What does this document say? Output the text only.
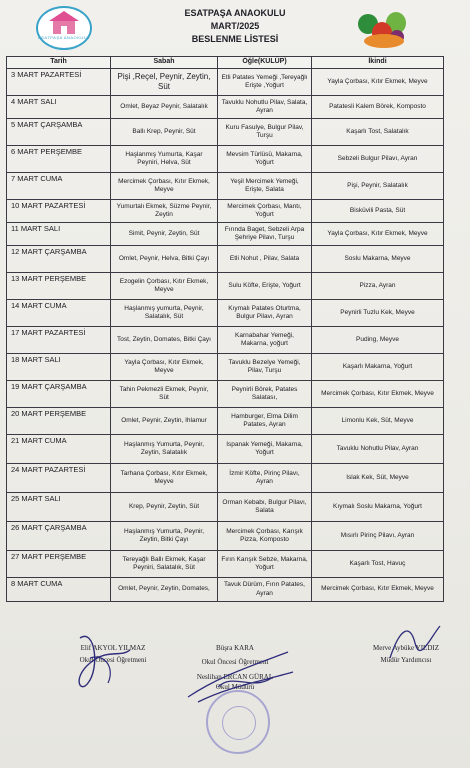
ESATPAŞA ANAOKULU
ESATPAŞA ANAOKULU
MART/2025
BESLENME LİSTESİ
Tarih	Sabah	Öğle(KULÜP)	İkindi
3 MART PAZARTESİ	Pişi ,Reçel, Peynir, Zeytin, Süt	Etli Patates Yemeği ,Tereyağlı Erişte ,Yoğurt	Yayla Çorbası, Kıtır Ekmek, Meyve
4 MART SALI	Omlet, Beyaz Peynir, Salatalık	Tavuklu Nohutlu Pilav, Salata, Ayran	Patatesli Kalem Börek, Komposto
5 MART ÇARŞAMBA	Ballı Krep, Peynir, Süt	Kuru Fasulye, Bulgur Pilav, Turşu	Kaşarlı Tost, Salatalık
6 MART PERŞEMBE	Haşlanmış Yumurta, Kaşar Peyniri, Helva, Süt	Mevsim Türlüsü, Makarna, Yoğurt	Sebzeli Bulgur Pilavı, Ayran
7 MART CUMA	Mercimek Çorbası, Kıtır Ekmek, Meyve	Yeşil Mercimek Yemeği, Erişte, Salata	Pişi, Peynir, Salatalık
10 MART PAZARTESİ	Yumurtalı Ekmek, Süzme Peynir, Zeytin	Mercimek Çorbası, Mantı, Yoğurt	Bisküvili Pasta, Süt
11 MART SALI	Simit, Peynir, Zeytin, Süt	Fırında Baget, Sebzeli Arpa Şehriye Pilavı, Turşu	Yayla Çorbası, Kıtır Ekmek, Meyve
12 MART ÇARŞAMBA	Omlet, Peynir, Helva, Bitki Çayı	Etli Nohut , Pilav, Salata	Soslu Makarna, Meyve
13 MART PERŞEMBE	Ezogelin Çorbası, Kıtır Ekmek, Meyve	Sulu Köfte, Erişte, Yoğurt	Pizza, Ayran
14 MART CUMA	Haşlanmış yumurta, Peynir, Salatalık, Süt	Kıymalı Patates Oturtma, Bulgur Pilavı, Ayran	Peynirli Tuzlu Kek, Meyve
17 MART PAZARTESİ	Tost, Zeytin, Domates, Bitki Çayı	Karnabahar Yemeği, Makarna, yoğurt	Puding, Meyve
18 MART SALI	Yayla Çorbası, Kıtır Ekmek, Meyve	Tavuklu Bezelye Yemeği, Pilav, Turşu	Kaşarlı Makarna, Yoğurt
19 MART ÇARŞAMBA	Tahin Pekmezli Ekmek, Peynir, Süt	Peynirli Börek, Patates Salatası,	Mercimek Çorbası, Kıtır Ekmek, Meyve
20 MART PERŞEMBE	Omlet, Peynir, Zeytin, Ihlamur	Hamburger, Elma Dilim Patates, Ayran	Limonlu Kek, Süt, Meyve
21 MART CUMA	Haşlanmış Yumurta, Peynir, Zeytin, Salatalık	Ispanak Yemeği, Makarna, Yoğurt	Tavuklu Nohutlu Pilav, Ayran
24 MART PAZARTESİ	Tarhana Çorbası, Kıtır Ekmek, Meyve	İzmir Köfte, Pirinç Pilavı, Ayran	Islak Kek, Süt, Meyve
25 MART SALI	Krep, Peynir, Zeytin, Süt	Orman Kebabı, Bulgur Pilavı, Salata	Kıymalı Soslu Makarna, Yoğurt
26 MART ÇARŞAMBA	Haşlanmış Yumurta, Peynir, Zeytin, Bitki Çayı	Mercimek Çorbası, Karışık Pizza, Komposto	Mısırlı Pirinç Pilavı, Ayran
27 MART PERŞEMBE	Tereyağlı Ballı Ekmek, Kaşar Peyniri, Salatalık, Süt	Fırın Karışık Sebze, Makarna, Yoğurt	Kaşarlı Tost, Havuç
8 MART CUMA	Omlet, Peynir, Zeytin, Domates,	Tavuk Dürüm, Fırın Patates, Ayran	Mercimek Çorbası, Kıtır Ekmek, Meyve
Elif AKYOL YILMAZ
Okul Öncesi Öğretmeni
Büşra KARA
Okul Öncesi Öğretmeni
Neslihan ERCAN GÜRAL
Okul Müdürü
Merve Aybüke YILDIZ
Müdür Yardımcısı
